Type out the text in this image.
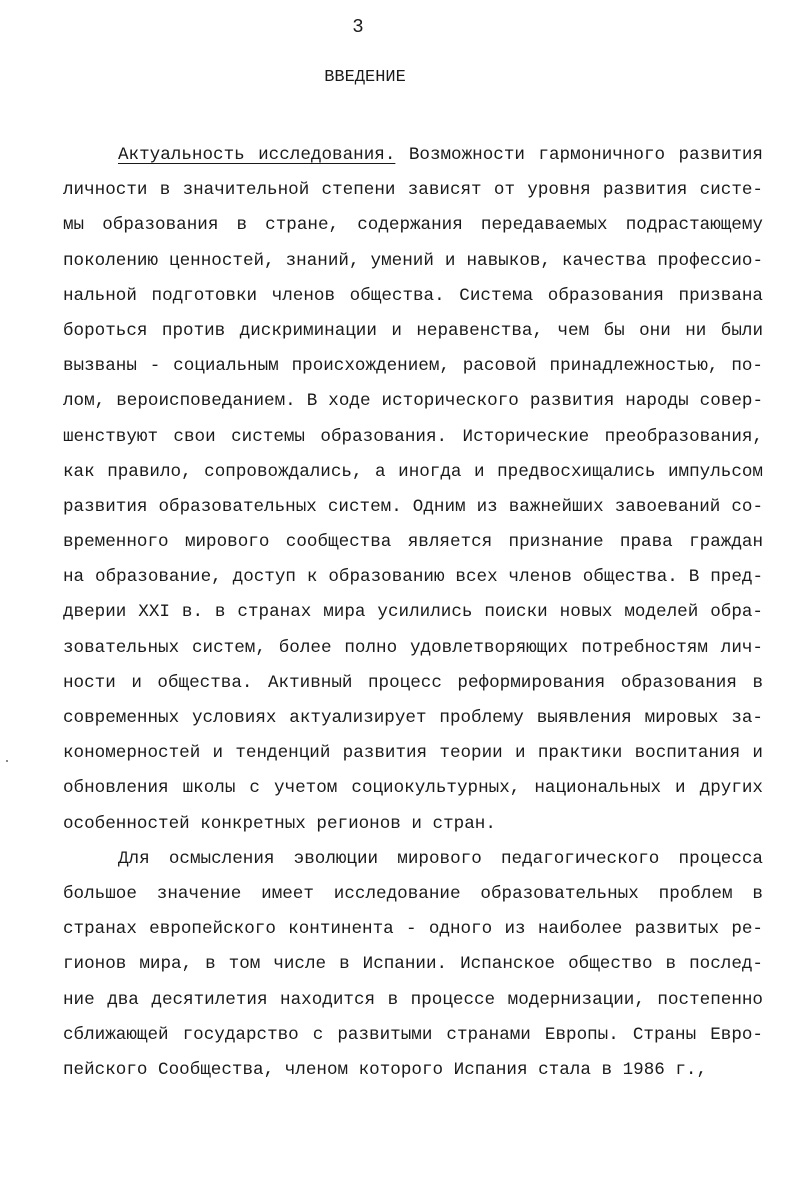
3
ВВЕДЕНИЕ
Актуальность исследования. Возможности гармоничного развития
личности в значительной степени зависят от уровня развития систе-
мы образования в стране, содержания передаваемых подрастающему
поколению ценностей, знаний, умений и навыков, качества профессио-
нальной подготовки членов общества. Система образования призвана
бороться против дискриминации и неравенства, чем бы они ни были
вызваны - социальным происхождением, расовой принадлежностью, по-
лом, вероисповеданием. В ходе исторического развития народы совер-
шенствуют свои системы образования. Исторические преобразования,
как правило, сопровождались, а иногда и предвосхищались импульсом
развития образовательных систем. Одним из важнейших завоеваний со-
временного мирового сообщества является признание права граждан
на образование, доступ к образованию всех членов общества. В пред-
дверии XXI в. в странах мира усилились поиски новых моделей обра-
зовательных систем, более полно удовлетворяющих потребностям лич-
ности и общества. Активный процесс реформирования образования в
современных условиях актуализирует проблему выявления мировых за-
кономерностей и тенденций развития теории и практики воспитания и
обновления школы с учетом социокультурных, национальных и других
особенностей конкретных регионов и стран.
Для осмысления эволюции мирового педагогического процесса
большое значение имеет исследование образовательных проблем в
странах европейского континента - одного из наиболее развитых ре-
гионов мира, в том числе в Испании. Испанское общество в послед-
ние два десятилетия находится в процессе модернизации, постепенно
сближающей государство с развитыми странами Европы. Страны Евро-
пейского Сообщества, членом которого Испания стала в 1986 г.,
